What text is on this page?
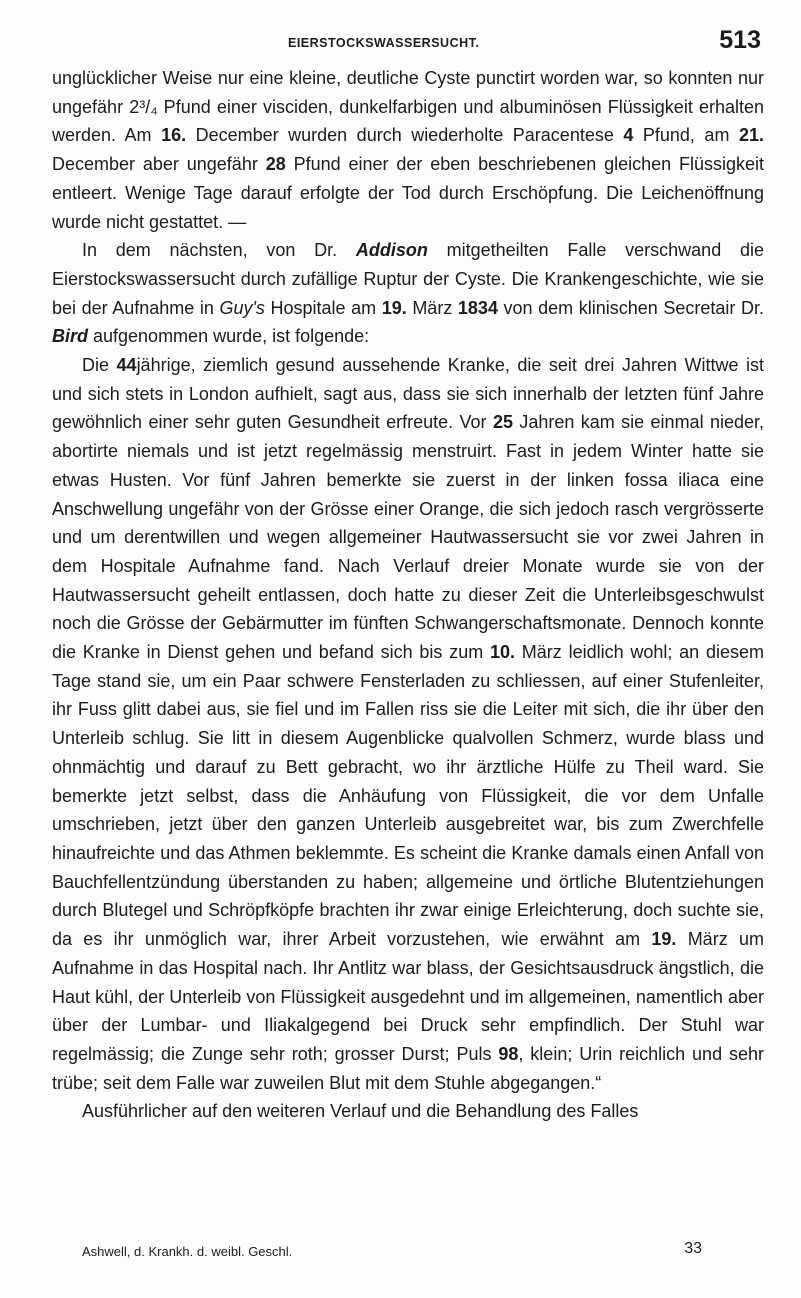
EIERSTOCKSWASSERSUCHT.	513

unglücklicher Weise nur eine kleine, deutliche Cyste punctirt worden war, so konnten nur ungefähr 2³/₄ Pfund einer visciden, dunkelfarbigen und albuminösen Flüssigkeit erhalten werden. Am 16. December wurden durch wiederholte Paracentese 4 Pfund, am 21. December aber ungefähr 28 Pfund einer der eben beschriebenen gleichen Flüssigkeit entleert. Wenige Tage darauf erfolgte der Tod durch Erschöpfung. Die Leichenöffnung wurde nicht gestattet. —

In dem nächsten, von Dr. Addison mitgetheilten Falle verschwand die Eierstockswassersucht durch zufällige Ruptur der Cyste. Die Krankengeschichte, wie sie bei der Aufnahme in Guy's Hospitale am 19. März 1834 von dem klinischen Secretair Dr. Bird aufgenommen wurde, ist folgende:

Die 44jährige, ziemlich gesund aussehende Kranke, die seit drei Jahren Wittwe ist und sich stets in London aufhielt, sagt aus, dass sie sich innerhalb der letzten fünf Jahre gewöhnlich einer sehr guten Gesundheit erfreute. Vor 25 Jahren kam sie einmal nieder, abortirte niemals und ist jetzt regelmässig menstruirt. Fast in jedem Winter hatte sie etwas Husten. Vor fünf Jahren bemerkte sie zuerst in der linken fossa iliaca eine Anschwellung ungefähr von der Grösse einer Orange, die sich jedoch rasch vergrösserte und um derentwillen und wegen allgemeiner Hautwassersucht sie vor zwei Jahren in dem Hospitale Aufnahme fand. Nach Verlauf dreier Monate wurde sie von der Hautwassersucht geheilt entlassen, doch hatte zu dieser Zeit die Unterleibsgeschwulst noch die Grösse der Gebärmutter im fünften Schwangerschaftsmonate. Dennoch konnte die Kranke in Dienst gehen und befand sich bis zum 10. März leidlich wohl; an diesem Tage stand sie, um ein Paar schwere Fensterladen zu schliessen, auf einer Stufenleiter, ihr Fuss glitt dabei aus, sie fiel und im Fallen riss sie die Leiter mit sich, die ihr über den Unterleib schlug. Sie litt in diesem Augenblicke qualvollen Schmerz, wurde blass und ohnmächtig und darauf zu Bett gebracht, wo ihr ärztliche Hülfe zu Theil ward. Sie bemerkte jetzt selbst, dass die Anhäufung von Flüssigkeit, die vor dem Unfalle umschrieben, jetzt über den ganzen Unterleib ausgebreitet war, bis zum Zwerchfelle hinaufreichte und das Athmen beklemmte. Es scheint die Kranke damals einen Anfall von Bauchfellentzündung überstanden zu haben; allgemeine und örtliche Blutentziehungen durch Blutegel und Schröpfköpfe brachten ihr zwar einige Erleichterung, doch suchte sie, da es ihr unmöglich war, ihrer Arbeit vorzustehen, wie erwähnt am 19. März um Aufnahme in das Hospital nach. Ihr Antlitz war blass, der Gesichtsausdruck ängstlich, die Haut kühl, der Unterleib von Flüssigkeit ausgedehnt und im allgemeinen, namentlich aber über der Lumbar- und Iliakalgegend bei Druck sehr empfindlich. Der Stuhl war regelmässig; die Zunge sehr roth; grosser Durst; Puls 98, klein; Urin reichlich und sehr trübe; seit dem Falle war zuweilen Blut mit dem Stuhle abgegangen.“

Ausführlicher auf den weiteren Verlauf und die Behandlung des Falles

Ashwell, d. Krankh. d. weibl. Geschl.	33
